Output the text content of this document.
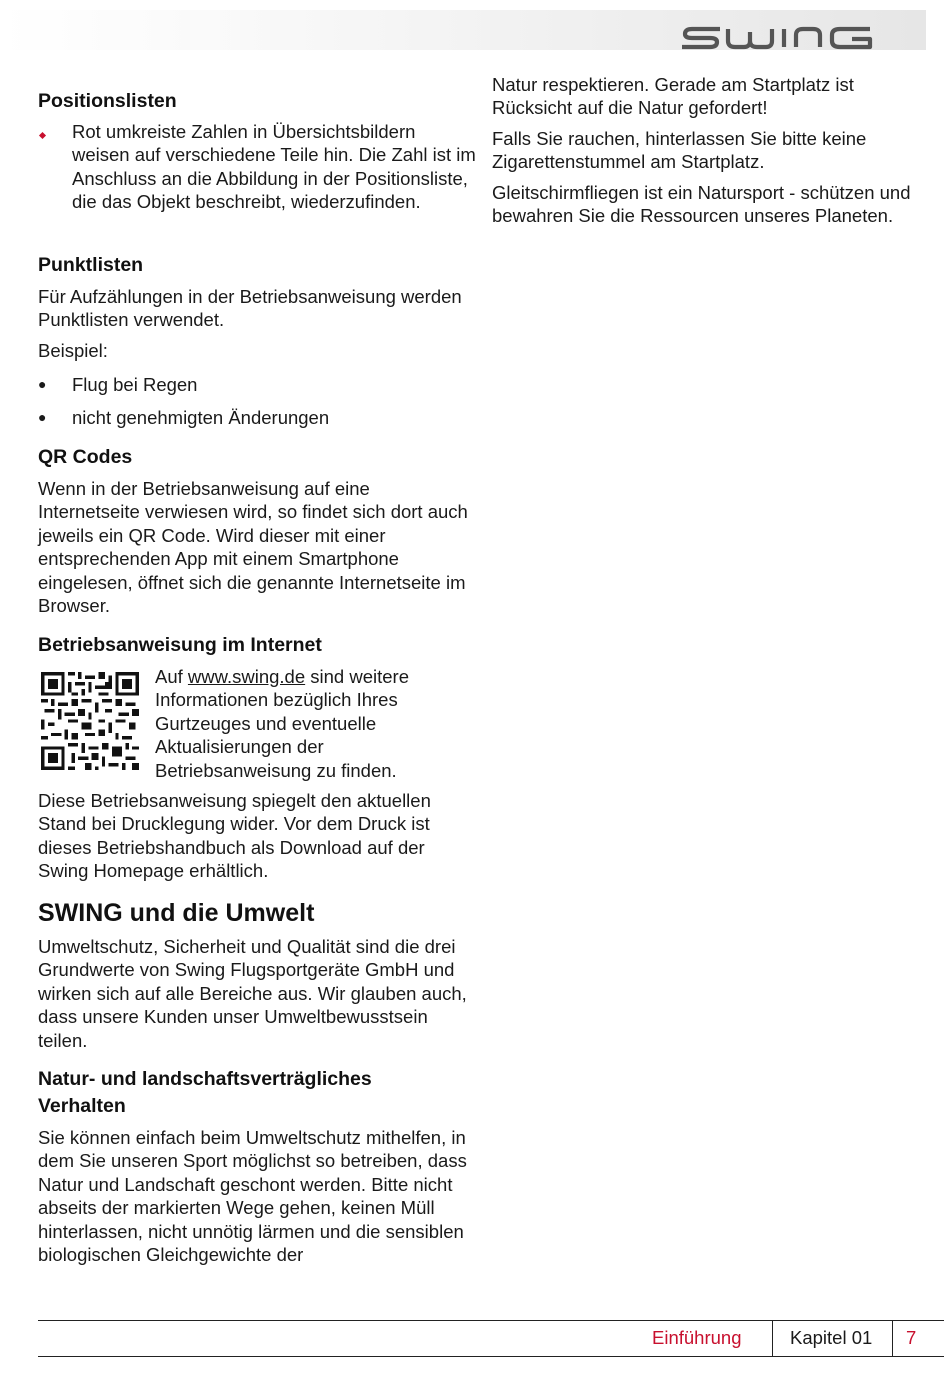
Positionslisten

Rot umkreiste Zahlen in Übersichtsbildern weisen auf verschiedene Teile hin. Die Zahl ist im Anschluss an die Abbildung in der Positionsliste, die das Objekt beschreibt, wiederzufinden.

Punktlisten

Für Aufzählungen in der Betriebsanweisung werden Punktlisten verwendet.

Beispiel:

●	Flug bei Regen
●	nicht genehmigten Änderungen
QR Codes

Wenn in der Betriebsanweisung auf eine Internetseite verwiesen wird, so findet sich dort auch jeweils ein QR Code. Wird dieser mit einer entsprechenden App mit einem Smartphone eingelesen, öffnet sich die genannte Internetseite im Browser.

Betriebsanweisung im Internet

Auf www.swing.de sind weitere Informationen bezüglich Ihres Gurtzeuges und eventuelle Aktualisierungen der Betriebsanweisung zu finden.

Diese Betriebsanweisung spiegelt den aktuellen Stand bei Drucklegung wider. Vor dem Druck ist dieses Betriebshandbuch als Download auf der Swing Homepage erhältlich.

SWING und die Umwelt

Umweltschutz, Sicherheit und Qualität sind die drei Grundwerte von Swing Flugsportgeräte GmbH und wirken sich auf alle Bereiche aus. Wir glauben auch, dass unsere Kunden unser Umweltbewusstsein teilen.

Natur- und landschaftsverträgliches
Verhalten

Sie können einfach beim Umweltschutz mithelfen, in dem Sie unseren Sport möglichst so betreiben, dass Natur und Landschaft geschont werden. Bitte nicht abseits der markierten Wege gehen, keinen Müll hinterlassen, nicht unnötig lärmen und die sensiblen biologischen Gleichgewichte der

Natur respektieren. Gerade am Startplatz ist Rücksicht auf die Natur gefordert!

Falls Sie rauchen, hinterlassen Sie bitte keine Zigarettenstummel am Startplatz.

Gleitschirmfliegen ist ein Natursport - schützen und bewahren Sie die Ressourcen unseres Planeten.

Einführung	Kapitel 01 7
